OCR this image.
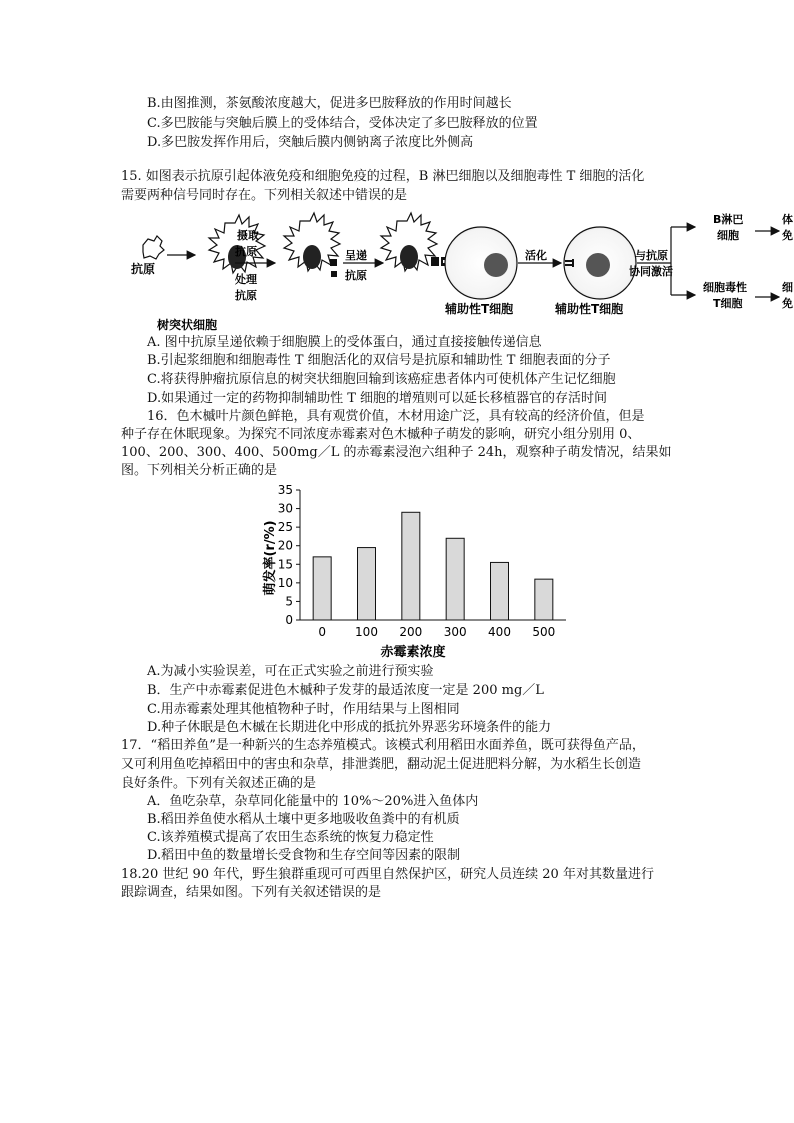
B.由图推测，茶氨酸浓度越大，促进多巴胺释放的作用时间越长
C.多巴胺能与突触后膜上的受体结合，受体决定了多巴胺释放的位置
D.多巴胺发挥作用后，突触后膜内侧钠离子浓度比外侧高
15. 如图表示抗原引起体液免疫和细胞免疫的过程，B 淋巴细胞以及细胞毒性 T 细胞的活化
需要两种信号同时存在。下列相关叙述中错误的是
抗原
摄取
抗原
处理
抗原
呈递
抗原
辅助性T细胞
活化
辅助性T细胞
与抗原
协同激活
B淋巴
细胞
细胞毒性
T细胞
体
免
细
免
树突状细胞
A. 图中抗原呈递依赖于细胞膜上的受体蛋白，通过直接接触传递信息
B.引起浆细胞和细胞毒性 T 细胞活化的双信号是抗原和辅助性 T 细胞表面的分子
C.将获得肿瘤抗原信息的树突状细胞回输到该癌症患者体内可使机体产生记忆细胞
D.如果通过一定的药物抑制辅助性 T 细胞的增殖则可以延长移植器官的存活时间
16．色木槭叶片颜色鲜艳，具有观赏价值，木材用途广泛，具有较高的经济价值，但是
种子存在休眠现象。为探究不同浓度赤霉素对色木槭种子萌发的影响，研究小组分别用 0、
100、200、300、400、500mg／L 的赤霉素浸泡六组种子 24h，观察种子萌发情况，结果如
图。下列相关分析正确的是
0
5
10
15
20
25
30
35
0 100 200 300 400 500
赤霉素浓度
萌发率(r/%)
A.为减小实验误差，可在正式实验之前进行预实验
B．生产中赤霉素促进色木槭种子发芽的最适浓度一定是 200 mg／L
C.用赤霉素处理其他植物种子时，作用结果与上图相同
D.种子休眠是色木槭在长期进化中形成的抵抗外界恶劣环境条件的能力
17．“稻田养鱼”是一种新兴的生态养殖模式。该模式利用稻田水面养鱼，既可获得鱼产品，
又可利用鱼吃掉稻田中的害虫和杂草，排泄粪肥，翻动泥土促进肥料分解，为水稻生长创造
良好条件。下列有关叙述正确的是
A．鱼吃杂草，杂草同化能量中的 10%～20%进入鱼体内
B.稻田养鱼使水稻从土壤中更多地吸收鱼粪中的有机质
C.该养殖模式提高了农田生态系统的恢复力稳定性
D.稻田中鱼的数量增长受食物和生存空间等因素的限制
18.20 世纪 90 年代，野生狼群重现可可西里自然保护区，研究人员连续 20 年对其数量进行
跟踪调查，结果如图。下列有关叙述错误的是
